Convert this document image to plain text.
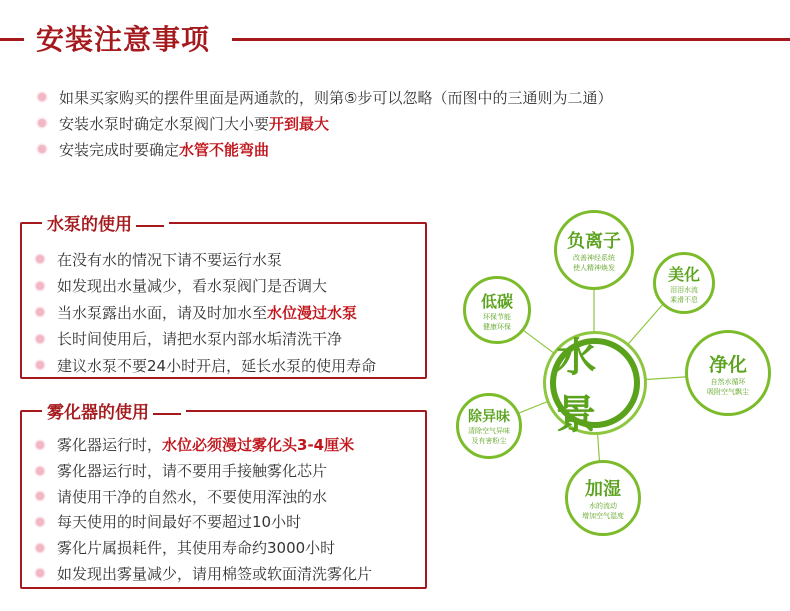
安装注意事项
如果买家购买的摆件里面是两通款的，则第⑤步可以忽略（而图中的三通则为二通）
安装水泵时确定水泵阀门大小要 开到最大
安装完成时要确定 水管不能弯曲
水泵的使用
在没有水的情况下请不要运行水泵
如发现出水量减少，看水泵阀门是否调大
当水泵露出水面，请及时加水至 水位漫过水泵
长时间使用后，请把水泵内部水垢清洗干净
建议水泵不要24小时开启，延长水泵的使用寿命
雾化器的使用
雾化器运行时， 水位必须漫过雾化头3-4厘米
雾化器运行时，请不要用手接触雾化芯片
请使用干净的自然水，不要使用浑浊的水
每天使用的时间最好不要超过10小时
雾化片属损耗件，其使用寿命约3000小时
如发现出雾量减少，请用棉签或软面清洗雾化片
负离子
改善神经系统
使人精神焕发	美化
泪泪水流
乘滑不息
净化
自然水循环
吸附空气飘尘
加湿
水的流动
增加空气湿度
除异味
清除空气异味
及有害粉尘
低碳
环保节能
健康环保
水景
